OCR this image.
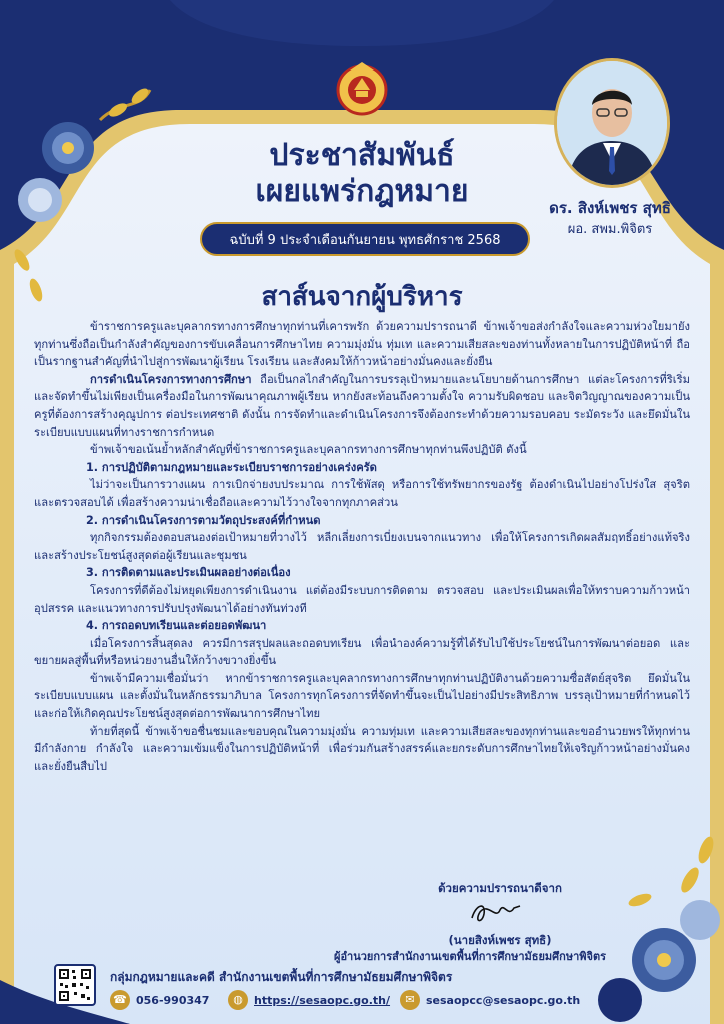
ประชาสัมพันธ์
เผยแพร่กฎหมาย
ฉบับที่ 9 ประจำเดือนกันยายน พุทธศักราช 2568
ดร. สิงห์เพชร สุทธิ
ผอ. สพม.พิจิตร
สาส์นจากผู้บริหาร

ข้าราชการครูและบุคลากรทางการศึกษาทุกท่านที่เคารพรัก ด้วยความปรารถนาดี ข้าพเจ้าขอส่งกำลังใจและความห่วงใยมายังทุกท่านซึ่งถือเป็นกำลังสำคัญของการขับเคลื่อนการศึกษาไทย ความมุ่งมั่น ทุ่มเท และความเสียสละของท่านทั้งหลายในการปฏิบัติหน้าที่ ถือเป็นรากฐานสำคัญที่นำไปสู่การพัฒนาผู้เรียน โรงเรียน และสังคมให้ก้าวหน้าอย่างมั่นคงและยั่งยืน

การดำเนินโครงการทางการศึกษา ถือเป็นกลไกสำคัญในการบรรลุเป้าหมายและนโยบายด้านการศึกษา แต่ละโครงการที่ริเริ่มและจัดทำขึ้นไม่เพียงเป็นเครื่องมือในการพัฒนาคุณภาพผู้เรียน หากยังสะท้อนถึงความตั้งใจ ความรับผิดชอบ และจิตวิญญาณของความเป็นครูที่ต้องการสร้างคุณูปการ ต่อประเทศชาติ ดังนั้น การจัดทำและดำเนินโครงการจึงต้องกระทำด้วยความรอบคอบ ระมัดระวัง และยึดมั่นในระเบียบแบบแผนที่ทางราชการกำหนด

ข้าพเจ้าขอเน้นย้ำหลักสำคัญที่ข้าราชการครูและบุคลากรทางการศึกษาทุกท่านพึงปฏิบัติ ดังนี้

1. การปฏิบัติตามกฎหมายและระเบียบราชการอย่างเคร่งครัด

ไม่ว่าจะเป็นการวางแผน การเบิกจ่ายงบประมาณ การใช้พัสดุ หรือการใช้ทรัพยากรของรัฐ ต้องดำเนินไปอย่างโปร่งใส สุจริต และตรวจสอบได้ เพื่อสร้างความน่าเชื่อถือและความไว้วางใจจากทุกภาคส่วน

2. การดำเนินโครงการตามวัตถุประสงค์ที่กำหนด

ทุกกิจกรรมต้องตอบสนองต่อเป้าหมายที่วางไว้ หลีกเลี่ยงการเบี่ยงเบนจากแนวทาง เพื่อให้โครงการเกิดผลสัมฤทธิ์อย่างแท้จริง และสร้างประโยชน์สูงสุดต่อผู้เรียนและชุมชน

3. การติดตามและประเมินผลอย่างต่อเนื่อง

โครงการที่ดีต้องไม่หยุดเพียงการดำเนินงาน แต่ต้องมีระบบการติดตาม ตรวจสอบ และประเมินผลเพื่อให้ทราบความก้าวหน้า อุปสรรค และแนวทางการปรับปรุงพัฒนาได้อย่างทันท่วงที

4. การถอดบทเรียนและต่อยอดพัฒนา

เมื่อโครงการสิ้นสุดลง ควรมีการสรุปผลและถอดบทเรียน เพื่อนำองค์ความรู้ที่ได้รับไปใช้ประโยชน์ในการพัฒนาต่อยอด และขยายผลสู่พื้นที่หรือหน่วยงานอื่นให้กว้างขวางยิ่งขึ้น

ข้าพเจ้ามีความเชื่อมั่นว่า หากข้าราชการครูและบุคลากรทางการศึกษาทุกท่านปฏิบัติงานด้วยความซื่อสัตย์สุจริต ยึดมั่นในระเบียบแบบแผน และตั้งมั่นในหลักธรรมาภิบาล โครงการทุกโครงการที่จัดทำขึ้นจะเป็นไปอย่างมีประสิทธิภาพ บรรลุเป้าหมายที่กำหนดไว้ และก่อให้เกิดคุณประโยชน์สูงสุดต่อการพัฒนาการศึกษาไทย

ท้ายที่สุดนี้ ข้าพเจ้าขอชื่นชมและขอบคุณในความมุ่งมั่น ความทุ่มเท และความเสียสละของทุกท่านและขออำนวยพรให้ทุกท่านมีกำลังกาย กำลังใจ และความเข้มแข็งในการปฏิบัติหน้าที่ เพื่อร่วมกันสร้างสรรค์และยกระดับการศึกษาไทยให้เจริญก้าวหน้าอย่างมั่นคงและยั่งยืนสืบไป

ด้วยความปรารถนาดีจาก
(นายสิงห์เพชร สุทธิ)
ผู้อำนวยการสำนักงานเขตพื้นที่การศึกษามัธยมศึกษาพิจิตร
กลุ่มกฎหมายและคดี สำนักงานเขตพื้นที่การศึกษามัธยมศึกษาพิจิตร
☎ 056-990347	◍	https://sesaopc.go.th/	✉	sesaopcc@sesaopc.go.th
